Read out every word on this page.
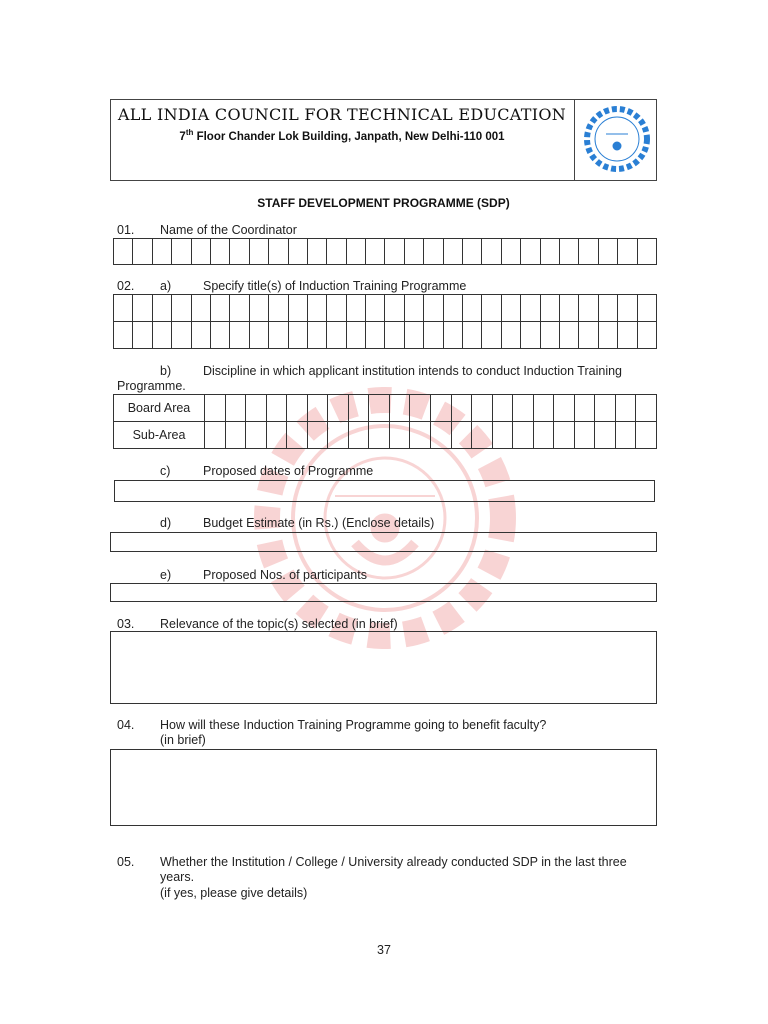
ALL INDIA COUNCIL FOR TECHNICAL EDUCATION
7th Floor Chander Lok Building, Janpath, New Delhi-110 001
STAFF DEVELOPMENT PROGRAMME (SDP)
01. Name of the Coordinator
02. a)	Specify title(s) of Induction Training Programme
b)	Discipline in which applicant institution intends to conduct Induction Training
Programme.
Board Area
Sub-Area
c)	Proposed dates of Programme
d)	Budget Estimate (in Rs.) (Enclose details)
e)	Proposed Nos. of participants
03. Relevance of the topic(s) selected (in brief)
04. How will these Induction Training Programme going to benefit faculty?
(in brief)
05. Whether the Institution / College / University already conducted SDP in the last three
years.
(if yes, please give details)
37
